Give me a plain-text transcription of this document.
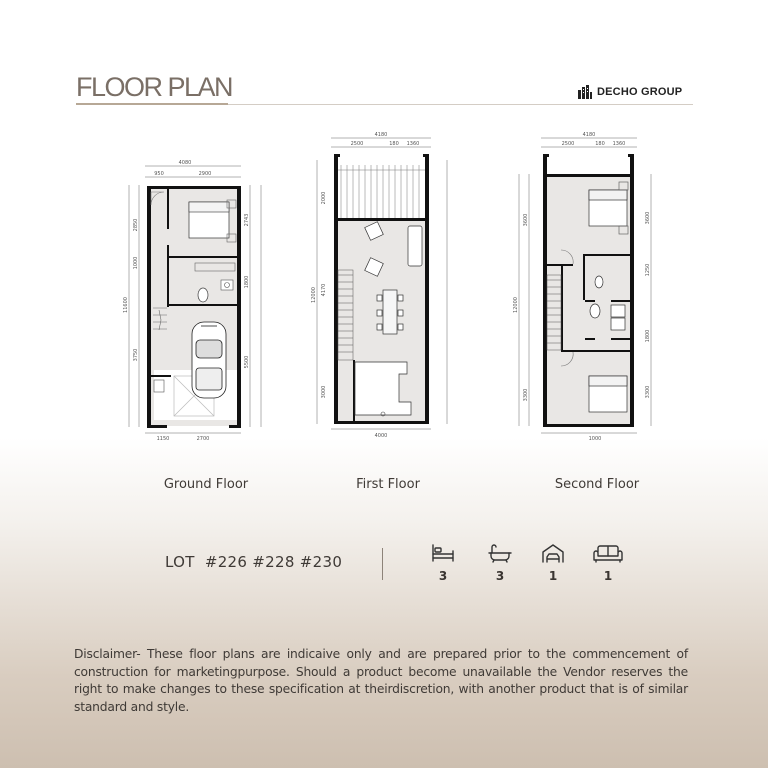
FLOOR PLAN	DECHO GROUP
4080
950	2900
1150	2700
2850
1000
3750
11600
2743
1800
5500
4180
2500	180 1360
4000
2000
4170
3000
12000
4180
2500	180 1360
1000
3600
3300
12000
3600
1250
1800
3300
Ground Floor	First Floor	Second Floor
LOT  #226 #228 #230
3	3	1	1

Disclaimer- These floor plans are indicaive only and are prepared prior to the commencement of construction for marketingpurpose. Should a product become unavailable the Vendor reserves the right to make changes to these specification at theirdiscretion, with another product that is of similar standard and style.
